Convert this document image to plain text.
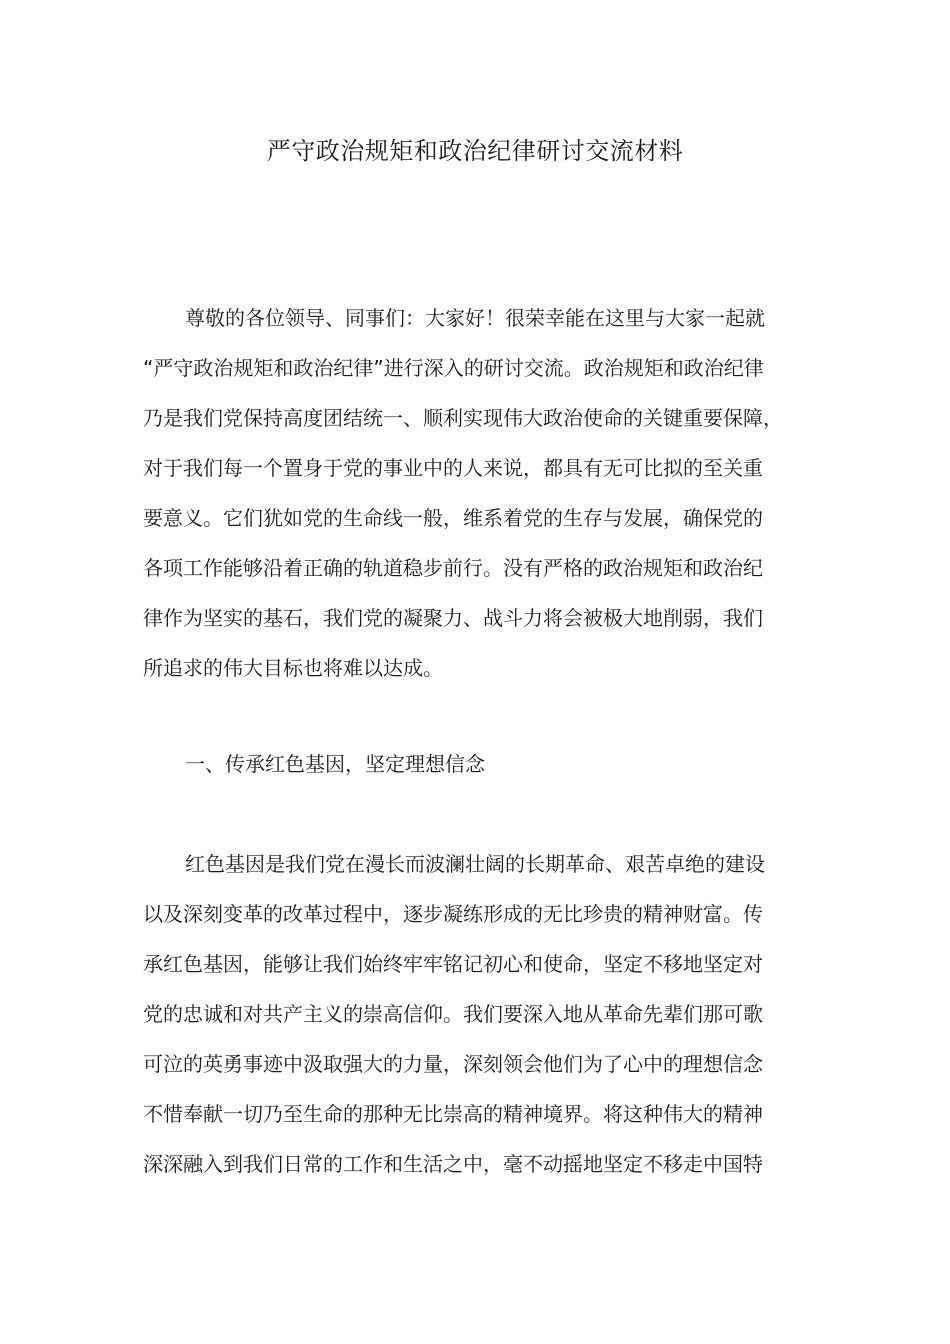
严守政治规矩和政治纪律研讨交流材料
尊敬的各位领导、同事们：大家好！很荣幸能在这里与大家一起就
“严守政治规矩和政治纪律”进行深入的研讨交流。政治规矩和政治纪律
乃是我们党保持高度团结统一、顺利实现伟大政治使命的关键重要保障，
对于我们每一个置身于党的事业中的人来说，都具有无可比拟的至关重
要意义。它们犹如党的生命线一般，维系着党的生存与发展，确保党的
各项工作能够沿着正确的轨道稳步前行。没有严格的政治规矩和政治纪
律作为坚实的基石，我们党的凝聚力、战斗力将会被极大地削弱，我们
所追求的伟大目标也将难以达成。
一、传承红色基因，坚定理想信念
红色基因是我们党在漫长而波澜壮阔的长期革命、艰苦卓绝的建设
以及深刻变革的改革过程中，逐步凝练形成的无比珍贵的精神财富。传
承红色基因，能够让我们始终牢牢铭记初心和使命，坚定不移地坚定对
党的忠诚和对共产主义的崇高信仰。我们要深入地从革命先辈们那可歌
可泣的英勇事迹中汲取强大的力量，深刻领会他们为了心中的理想信念
不惜奉献一切乃至生命的那种无比崇高的精神境界。将这种伟大的精神
深深融入到我们日常的工作和生活之中，毫不动摇地坚定不移走中国特
